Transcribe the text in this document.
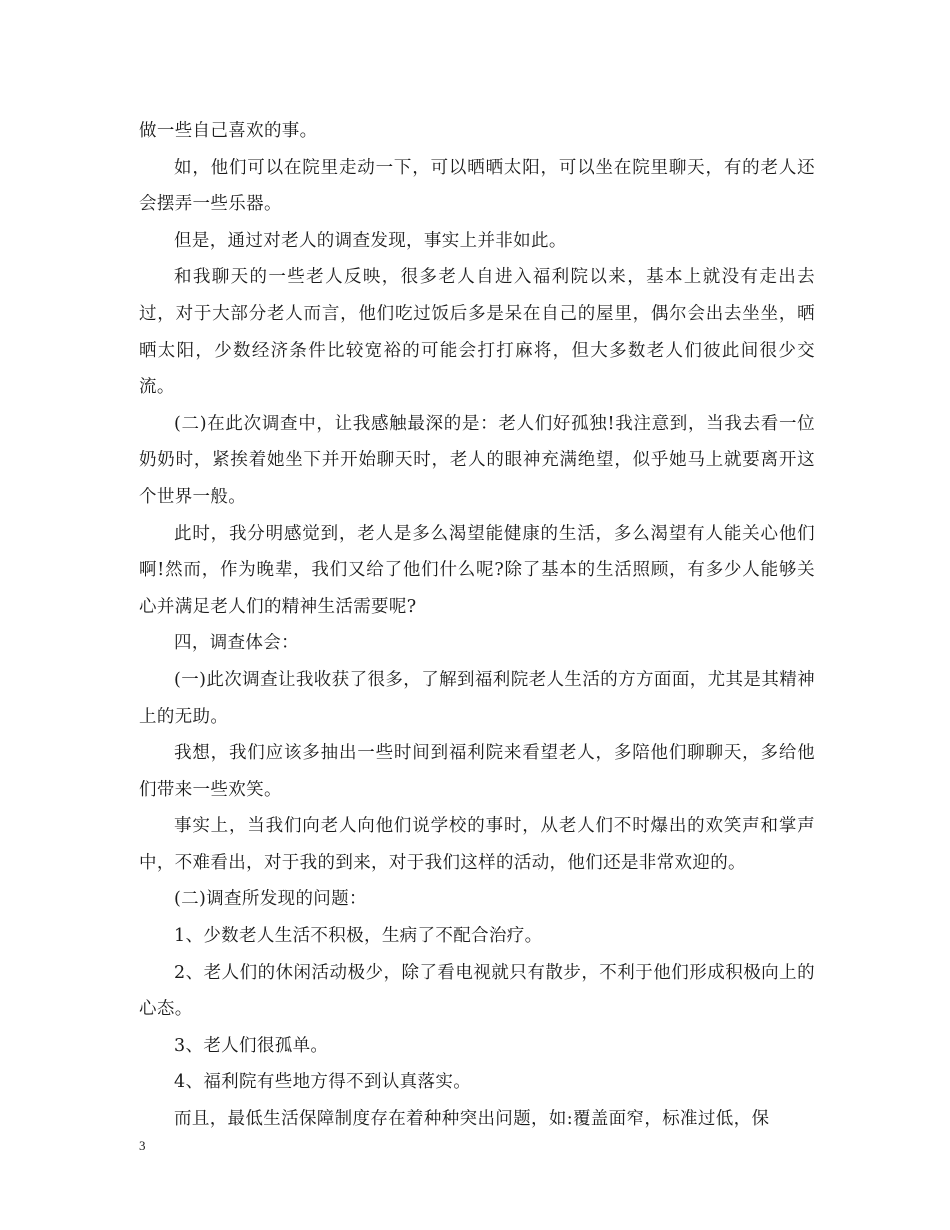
做一些自己喜欢的事。

如，他们可以在院里走动一下，可以晒晒太阳，可以坐在院里聊天，有的老人还会摆弄一些乐器。

但是，通过对老人的调查发现，事实上并非如此。

和我聊天的一些老人反映，很多老人自进入福利院以来，基本上就没有走出去过，对于大部分老人而言，他们吃过饭后多是呆在自己的屋里，偶尔会出去坐坐，晒晒太阳，少数经济条件比较宽裕的可能会打打麻将，但大多数老人们彼此间很少交流。

(二)在此次调查中，让我感触最深的是：老人们好孤独!我注意到，当我去看一位奶奶时，紧挨着她坐下并开始聊天时，老人的眼神充满绝望，似乎她马上就要离开这个世界一般。

此时，我分明感觉到，老人是多么渴望能健康的生活，多么渴望有人能关心他们啊!然而，作为晚辈，我们又给了他们什么呢?除了基本的生活照顾，有多少人能够关心并满足老人们的精神生活需要呢?

四，调查体会：

(一)此次调查让我收获了很多，了解到福利院老人生活的方方面面，尤其是其精神上的无助。

我想，我们应该多抽出一些时间到福利院来看望老人，多陪他们聊聊天，多给他们带来一些欢笑。

事实上，当我们向老人向他们说学校的事时，从老人们不时爆出的欢笑声和掌声中，不难看出，对于我的到来，对于我们这样的活动，他们还是非常欢迎的。

(二)调查所发现的问题：

1、少数老人生活不积极，生病了不配合治疗。

2、老人们的休闲活动极少，除了看电视就只有散步，不利于他们形成积极向上的心态。

3、老人们很孤单。

4、福利院有些地方得不到认真落实。

而且，最低生活保障制度存在着种种突出问题，如:覆盖面窄，标准过低，保

3
